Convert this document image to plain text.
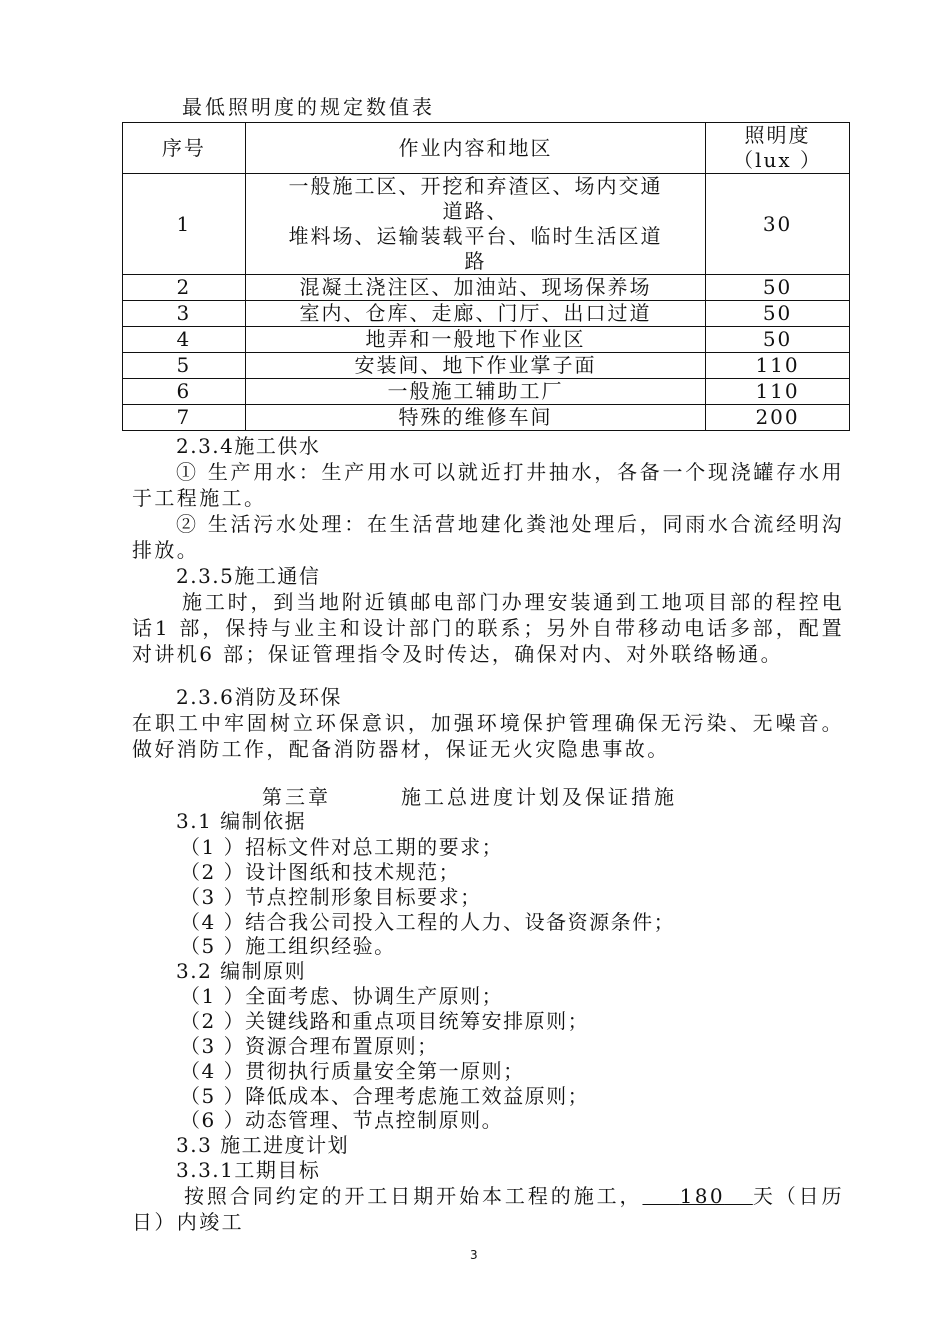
最低照明度的规定数值表
序号	作业内容和地区	照明度
（lux ）

1	一般施工区、开挖和弃渣区、场内交通
道路、
堆料场、运输装载平台、临时生活区道
路	30
2	混凝土浇注区、加油站、现场保养场	50
3	室内、仓库、走廊、门厅、出口过道	50
4	地弄和一般地下作业区	50
5	安装间、地下作业掌子面	110
6	一般施工辅助工厂	110
7	特殊的维修车间	200
2.3.4施工供水
① 生产用水：生产用水可以就近打井抽水，各备一个现浇罐存水用于工程施工。
② 生活污水处理：在生活营地建化粪池处理后，同雨水合流经明沟排放。
2.3.5施工通信
施工时，到当地附近镇邮电部门办理安装通到工地项目部的程控电话1 部，保持与业主和设计部门的联系；另外自带移动电话多部，配置对讲机6 部；保证管理指令及时传达，确保对内、对外联络畅通。
2.3.6消防及环保
在职工中牢固树立环保意识，加强环境保护管理确保无污染、无噪音。做好消防工作，配备消防器材，保证无火灾隐患事故。
第三章	施工总进度计划及保证措施
3.1 编制依据
（1 ）招标文件对总工期的要求；
（2 ）设计图纸和技术规范；
（3 ）节点控制形象目标要求；
（4 ）结合我公司投入工程的人力、设备资源条件；
（5 ）施工组织经验。
3.2 编制原则
（1 ）全面考虑、协调生产原则；
（2 ）关键线路和重点项目统筹安排原则；
（3 ）资源合理布置原则；
（4 ）贯彻执行质量安全第一原则；
（5 ）降低成本、合理考虑施工效益原则；
（6 ）动态管理、节点控制原则。
3.3 施工进度计划
3.3.1工期目标
按照合同约定的开工日期开始本工程的施工， 180 天（日历日）内竣工
3
